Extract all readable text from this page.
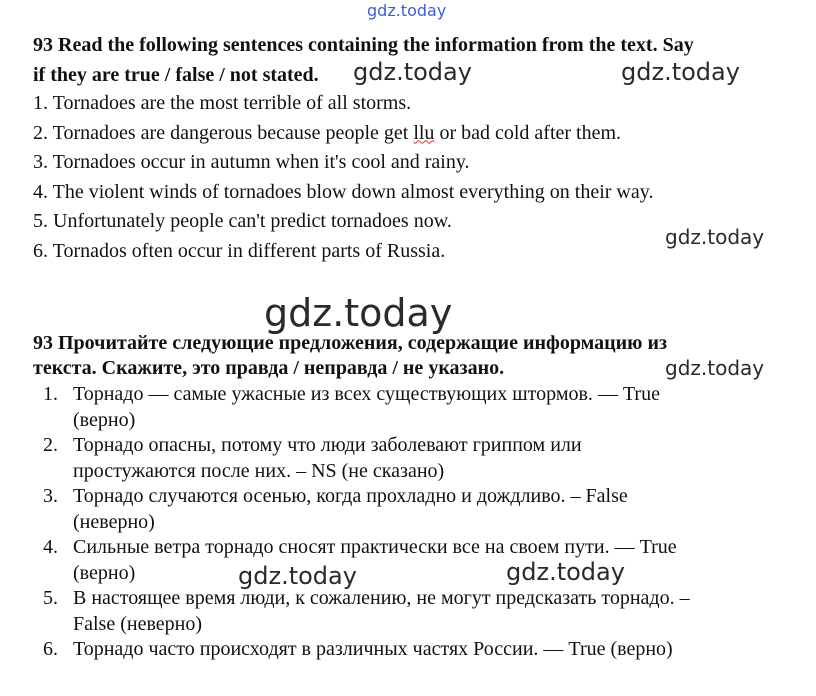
gdz.today
gdz.today	gdz.today
gdz.today
gdz.today
gdz.today
gdz.today	gdz.today
93 Read the following sentences containing the information from the text. Say
if they are true / false / not stated.
1. Tornadoes are the most terrible of all storms.
2. Tornadoes are dangerous because people get llu or bad cold after them.
3. Tornadoes occur in autumn when it's cool and rainy.
4. The violent winds of tornadoes blow down almost everything on their way.
5. Unfortunately people can't predict tornadoes now.
6. Tornados often occur in different parts of Russia.
93 Прочитайте следующие предложения, содержащие информацию из
текста. Скажите, это правда / неправда / не указано.
1. Торнадо — самые ужасные из всех существующих штормов. — True
(верно)
2. Торнадо опасны, потому что люди заболевают гриппом или
простужаются после них. – NS (не сказано)
3. Торнадо случаются осенью, когда прохладно и дождливо. – False
(неверно)
4. Сильные ветра торнадо сносят практически все на своем пути. — True
(верно)
5. В настоящее время люди, к сожалению, не могут предсказать торнадо. –
False (неверно)
6. Торнадо часто происходят в различных частях России. — True (верно)
